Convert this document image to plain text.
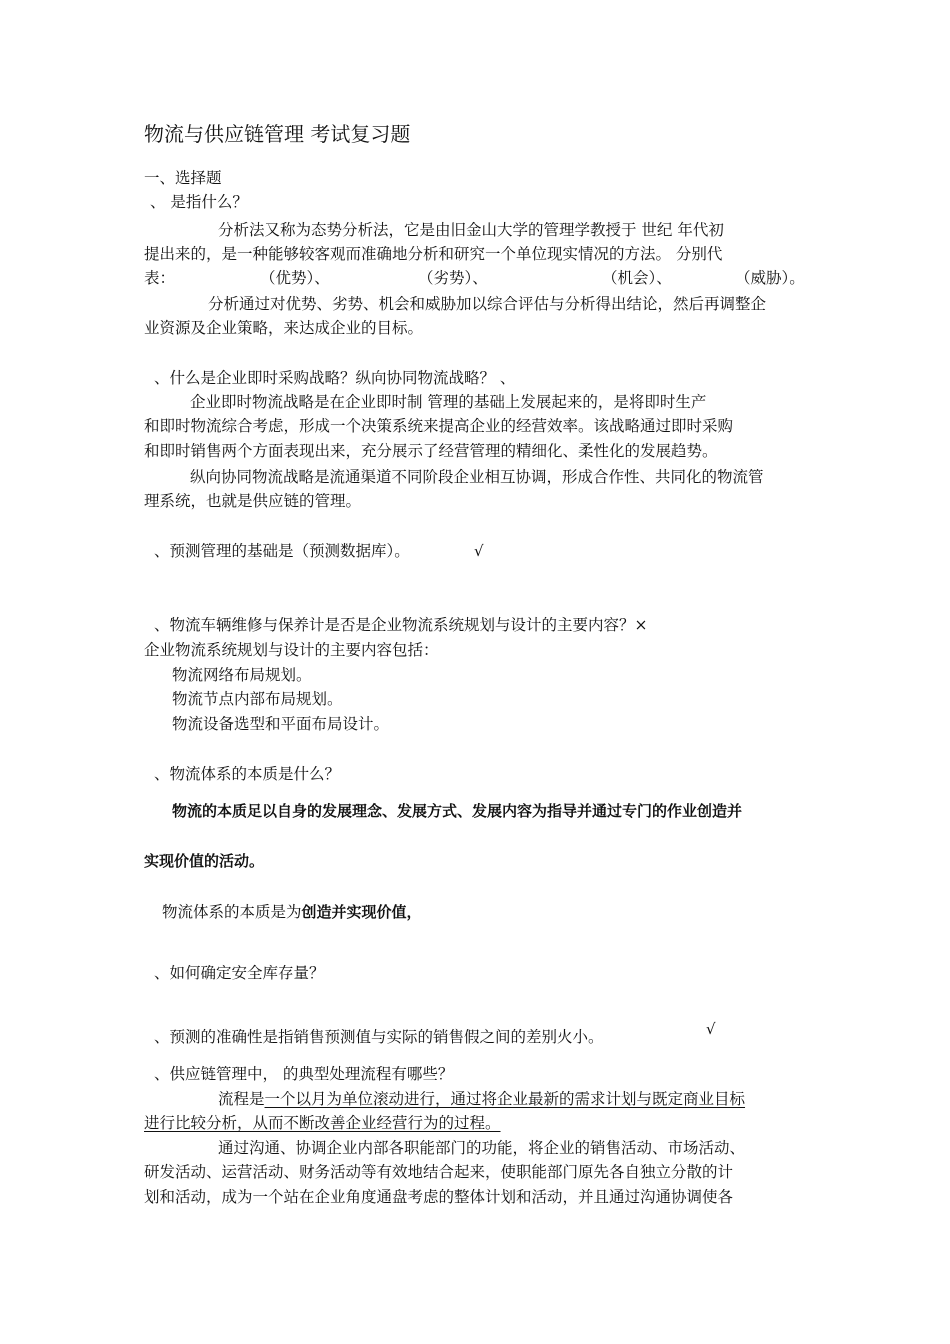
物流与供应链管理 考试复习题
一、选择题
、 是指什么？
分析法又称为态势分析法，它是由旧金山大学的管理学教授于 世纪 年代初
提出来的，是一种能够较客观而准确地分析和研究一个单位现实情况的方法。 分别代
表：	（优势）、	（劣势）、	（机会）、	（威胁）。
分析通过对优势、劣势、机会和威胁加以综合评估与分析得出结论，然后再调整企
业资源及企业策略，来达成企业的目标。
、什么是企业即时采购战略？纵向协同物流战略？ 、
企业即时物流战略是在企业即时制 管理的基础上发展起来的，是将即时生产
和即时物流综合考虑，形成一个决策系统来提高企业的经营效率。该战略通过即时采购
和即时销售两个方面表现出来，充分展示了经营管理的精细化、柔性化的发展趋势。
纵向协同物流战略是流通渠道不同阶段企业相互协调，形成合作性、共同化的物流管
理系统，也就是供应链的管理。
、预测管理的基础是（预测数据库）。	√
、物流车辆维修与保养计是否是企业物流系统规划与设计的主要内容？×
企业物流系统规划与设计的主要内容包括：
物流网络布局规划。
物流节点内部布局规划。
物流设备选型和平面布局设计。
、物流体系的本质是什么？
物流的本质足以自身的发展理念、发展方式、发展内容为指导并通过专门的作业创造并
实现价值的活动。
物流体系的本质是为创造并实现价值，
、如何确定安全库存量？
、预测的准确性是指销售预测值与实际的销售假之间的差别火小。	√
、供应链管理中， 的典型处理流程有哪些？
流程是一个以月为单位滚动进行，通过将企业最新的需求计划与既定商业目标
进行比较分析，从而不断改善企业经营行为的过程。
通过沟通、协调企业内部各职能部门的功能，将企业的销售活动、市场活动、
研发活动、运营活动、财务活动等有效地结合起来，使职能部门原先各自独立分散的计
划和活动，成为一个站在企业角度通盘考虑的整体计划和活动，并且通过沟通协调使各
